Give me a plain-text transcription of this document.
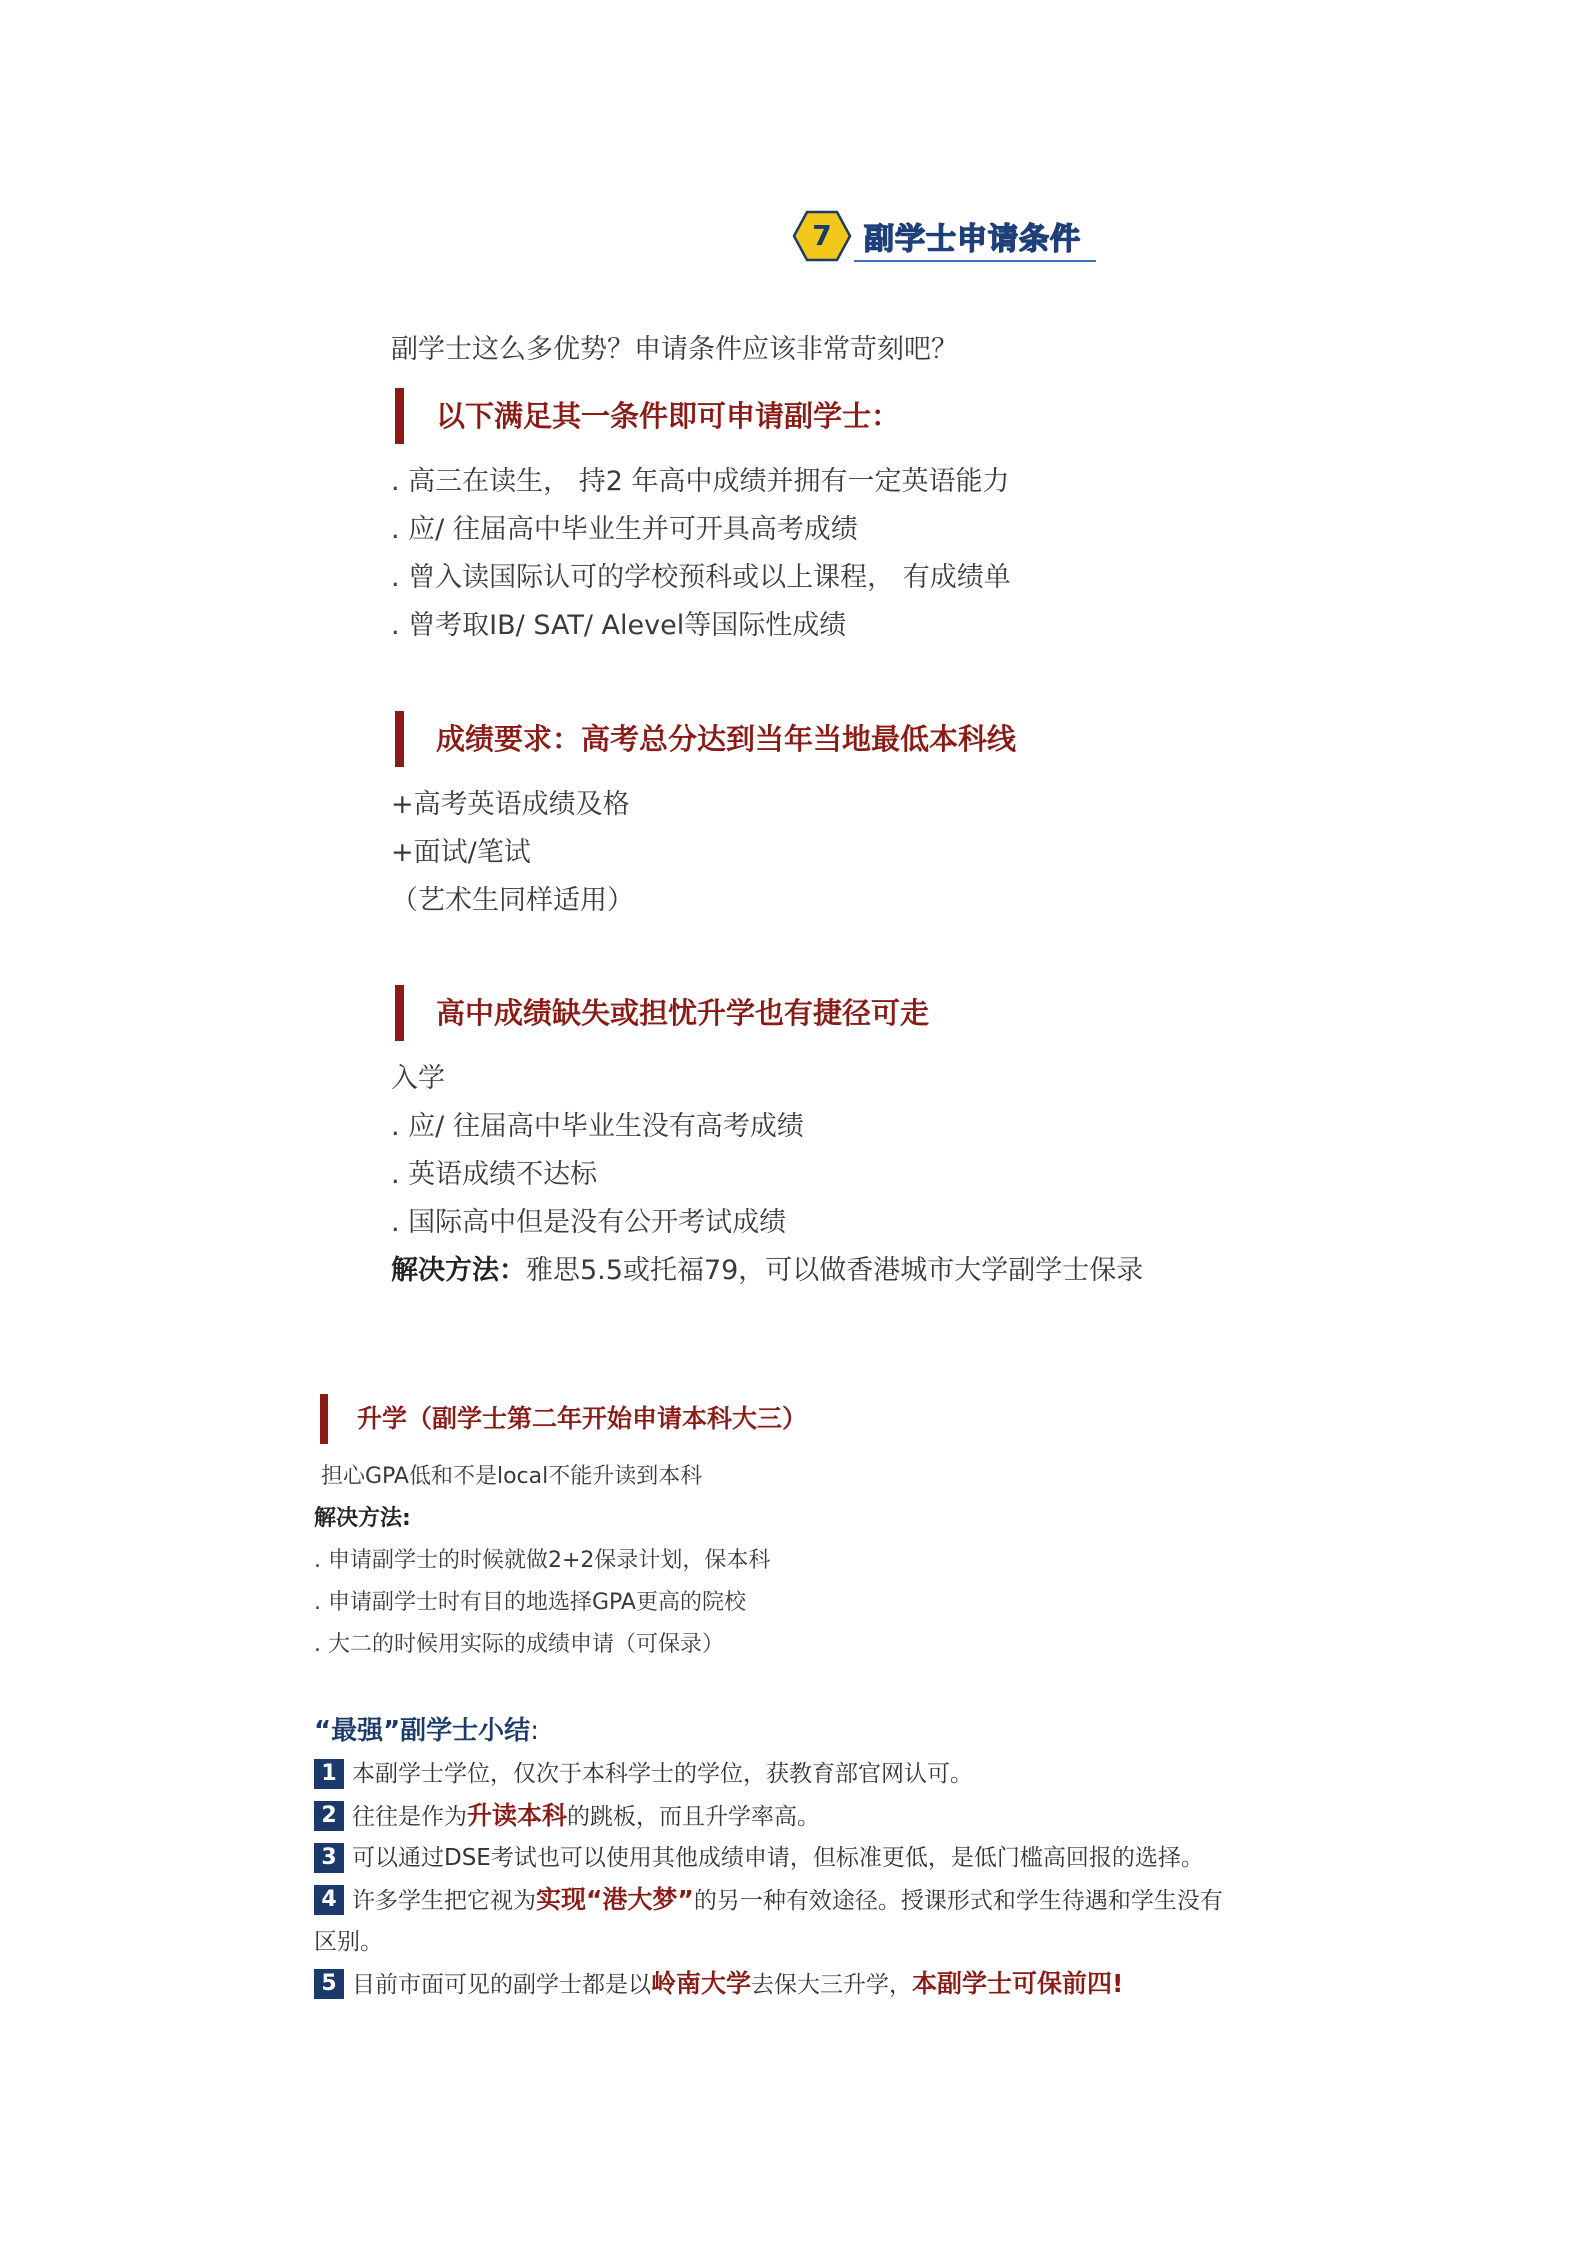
7	副学士申请条件
副学士这么多优势？申请条件应该非常苛刻吧？
以下满足其一条件即可申请副学士：
. 高三在读生， 持2 年高中成绩并拥有一定英语能力
. 应/ 往届高中毕业生并可开具高考成绩
. 曾入读国际认可的学校预科或以上课程， 有成绩单
. 曾考取IB/ SAT/ Alevel等国际性成绩
成绩要求：高考总分达到当年当地最低本科线
+高考英语成绩及格
+面试/笔试
（艺术生同样适用）
高中成绩缺失或担忧升学也有捷径可走
入学
. 应/ 往届高中毕业生没有高考成绩
. 英语成绩不达标
. 国际高中但是没有公开考试成绩
解决方法：雅思5.5或托福79，可以做香港城市大学副学士保录
升学（副学士第二年开始申请本科大三）
担心GPA低和不是local不能升读到本科
解决方法:
. 申请副学士的时候就做2+2保录计划，保本科
. 申请副学士时有目的地选择GPA更高的院校
. 大二的时候用实际的成绩申请（可保录）
“最强”副学士小结:
1 本副学士学位，仅次于本科学士的学位，获教育部官网认可。
2 往往是作为升读本科的跳板，而且升学率高。
3 可以通过DSE考试也可以使用其他成绩申请，但标准更低，是低门槛高回报的选择。
4 许多学生把它视为实现“港大梦”的另一种有效途径。授课形式和学生待遇和学生没有
区别。
5 目前市面可见的副学士都是以岭南大学去保大三升学，本副学士可保前四!
